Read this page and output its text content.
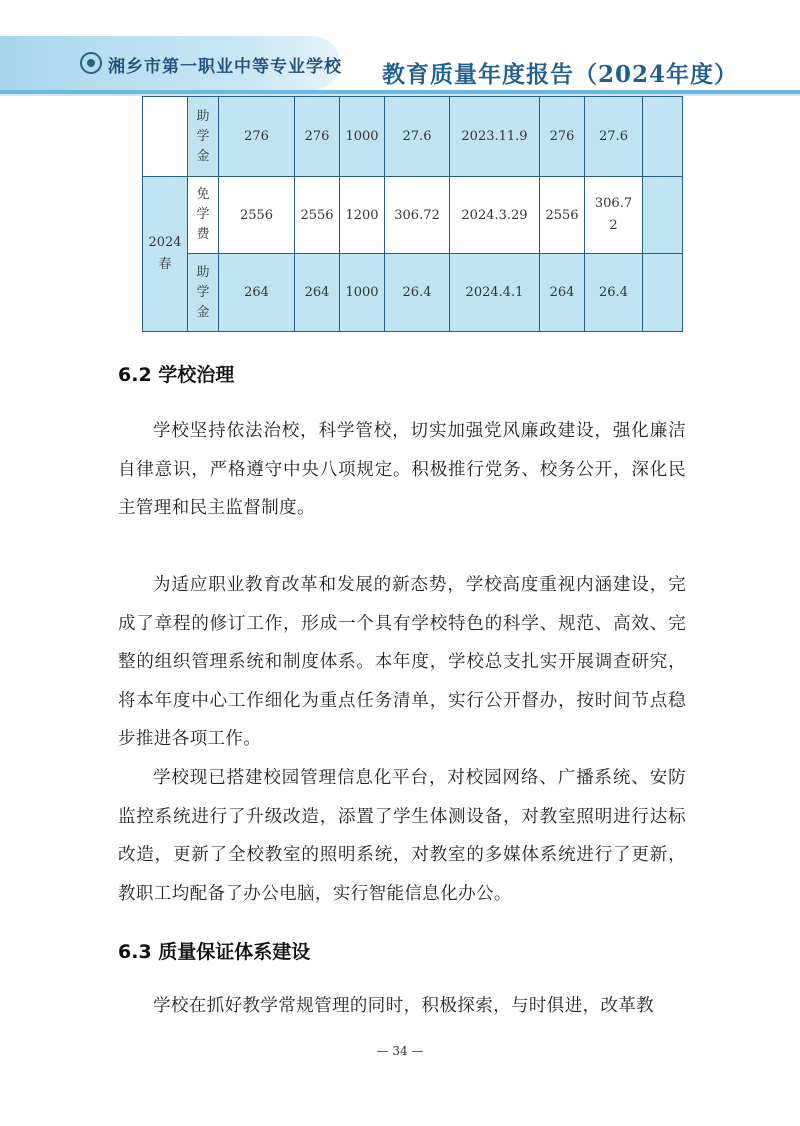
湘乡市第一职业中等专业学校 教育质量年度报告（2024年度）
	助学金	276	276	1000	27.6	2023.11.9	276	27.6	
2024春	免学费	2556	2556	1200	306.72	2024.3.29	2556	306.72	
	助学金	264	264	1000	26.4	2024.4.1	264	26.4	
6.2 学校治理

学校坚持依法治校，科学管校，切实加强党风廉政建设，强化廉洁自律意识，严格遵守中央八项规定。积极推行党务、校务公开，深化民主管理和民主监督制度。

为适应职业教育改革和发展的新态势，学校高度重视内涵建设，完成了章程的修订工作，形成一个具有学校特色的科学、规范、高效、完整的组织管理系统和制度体系。本年度，学校总支扎实开展调查研究，将本年度中心工作细化为重点任务清单，实行公开督办，按时间节点稳步推进各项工作。

学校现已搭建校园管理信息化平台，对校园网络、广播系统、安防监控系统进行了升级改造，添置了学生体测设备，对教室照明进行达标改造，更新了全校教室的照明系统，对教室的多媒体系统进行了更新，教职工均配备了办公电脑，实行智能信息化办公。

6.3 质量保证体系建设

学校在抓好教学常规管理的同时，积极探索，与时俱进，改革教

— 34 —
